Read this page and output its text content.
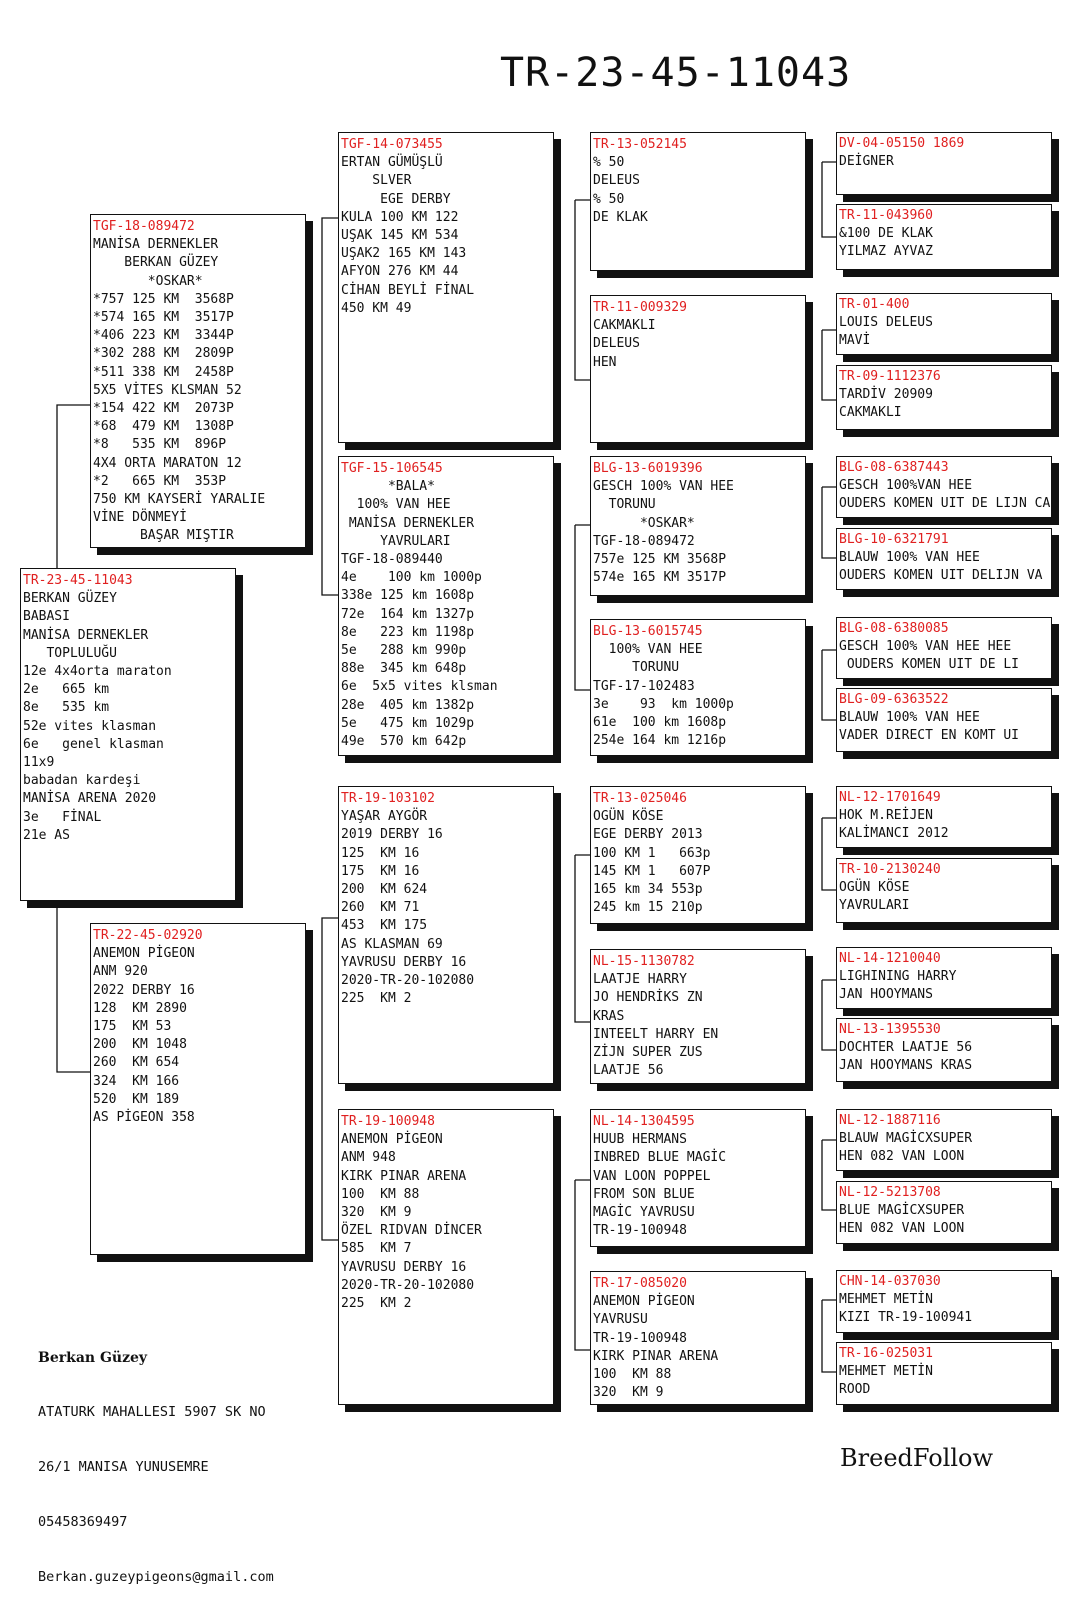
TR-23-45-11043
TR-23-45-11043
BERKAN GÜZEY
BABASI
MANİSA DERNEKLER
TOPLULUĞU
12e 4x4orta maraton
2e   665 km
8e   535 km
52e vites klasman
6e   genel klasman
11x9
babadan kardeşi
MANİSA ARENA 2020
3e   FİNAL
21e AS
TGF-18-089472
MANİSA DERNEKLER
BERKAN GÜZEY
*OSKAR*
*757 125 KM  3568P
*574 165 KM  3517P
*406 223 KM  3344P
*302 288 KM  2809P
*511 338 KM  2458P
5X5 VİTES KLSMAN 52
*154 422 KM  2073P
*68  479 KM  1308P
*8   535 KM  896P
4X4 ORTA MARATON 12
*2   665 KM  353P
750 KM KAYSERİ YARALIE
VİNE DÖNMEYİ
BAŞAR MIŞTIR
TR-22-45-02920
ANEMON PİGEON
ANM 920
2022 DERBY 16
128  KM 2890
175  KM 53
200  KM 1048
260  KM 654
324  KM 166
520  KM 189
AS PİGEON 358
TGF-14-073455
ERTAN GÜMÜŞLÜ
SLVER
EGE DERBY
KULA 100 KM 122
UŞAK 145 KM 534
UŞAK2 165 KM 143
AFYON 276 KM 44
CİHAN BEYLİ FİNAL
450 KM 49
TGF-15-106545
*BALA*
100% VAN HEE
MANİSA DERNEKLER
YAVRULARI
TGF-18-089440
4e    100 km 1000p
338e 125 km 1608p
72e  164 km 1327p
8e   223 km 1198p
5e   288 km 990p
88e  345 km 648p
6e  5x5 vites klsman
28e  405 km 1382p
5e   475 km 1029p
49e  570 km 642p
TR-19-103102
YAŞAR AYGÖR
2019 DERBY 16
125  KM 16
175  KM 16
200  KM 624
260  KM 71
453  KM 175
AS KLASMAN 69
YAVRUSU DERBY 16
2020-TR-20-102080
225  KM 2
TR-19-100948
ANEMON PİGEON
ANM 948
KIRK PINAR ARENA
100  KM 88
320  KM 9
ÖZEL RIDVAN DİNCER
585  KM 7
YAVRUSU DERBY 16
2020-TR-20-102080
225  KM 2
TR-13-052145
% 50
DELEUS
% 50
DE KLAK
TR-11-009329
CAKMAKLI
DELEUS
HEN
BLG-13-6019396
GESCH 100% VAN HEE
TORUNU
*OSKAR*
TGF-18-089472
757e 125 KM 3568P
574e 165 KM 3517P
BLG-13-6015745
100% VAN HEE
TORUNU
TGF-17-102483
3e    93  km 1000p
61e  100 km 1608p
254e 164 km 1216p
TR-13-025046
OGÜN KÖSE
EGE DERBY 2013
100 KM 1   663p
145 KM 1   607P
165 km 34 553p
245 km 15 210p
NL-15-1130782
LAATJE HARRY
JO HENDRİKS ZN
KRAS
INTEELT HARRY EN
ZİJN SUPER ZUS
LAATJE 56
NL-14-1304595
HUUB HERMANS
INBRED BLUE MAGİC
VAN LOON POPPEL
FROM SON BLUE
MAGİC YAVRUSU
TR-19-100948
TR-17-085020
ANEMON PİGEON
YAVRUSU
TR-19-100948
KIRK PINAR ARENA
100  KM 88
320  KM 9
DV-04-05150 1869
DEİGNER
TR-11-043960
&100 DE KLAK
YILMAZ AYVAZ
TR-01-400
LOUIS DELEUS
MAVİ
TR-09-1112376
TARDİV 20909
CAKMAKLI
BLG-08-6387443
GESCH 100%VAN HEE
OUDERS KOMEN UIT DE LIJN CA
BLG-10-6321791
BLAUW 100% VAN HEE
OUDERS KOMEN UIT DELIJN VA
BLG-08-6380085
GESCH 100% VAN HEE HEE
OUDERS KOMEN UIT DE LI
BLG-09-6363522
BLAUW 100% VAN HEE
VADER DIRECT EN KOMT UI
NL-12-1701649
HOK M.REİJEN
KALİMANCI 2012
TR-10-2130240
OGÜN KÖSE
YAVRULARI
NL-14-1210040
LIGHINING HARRY
JAN HOOYMANS
NL-13-1395530
DOCHTER LAATJE 56
JAN HOOYMANS KRAS
NL-12-1887116
BLAUW MAGİCXSUPER
HEN 082 VAN LOON
NL-12-5213708
BLUE MAGİCXSUPER
HEN 082 VAN LOON
CHN-14-037030
MEHMET METİN
KIZI TR-19-100941
TR-16-025031
MEHMET METİN
ROOD

Berkan Güzey

ATATURK MAHALLESI 5907 SK NO

26/1 MANISA YUNUSEMRE

05458369497

Berkan.guzeypigeons@gmail.com

BreedFollow
